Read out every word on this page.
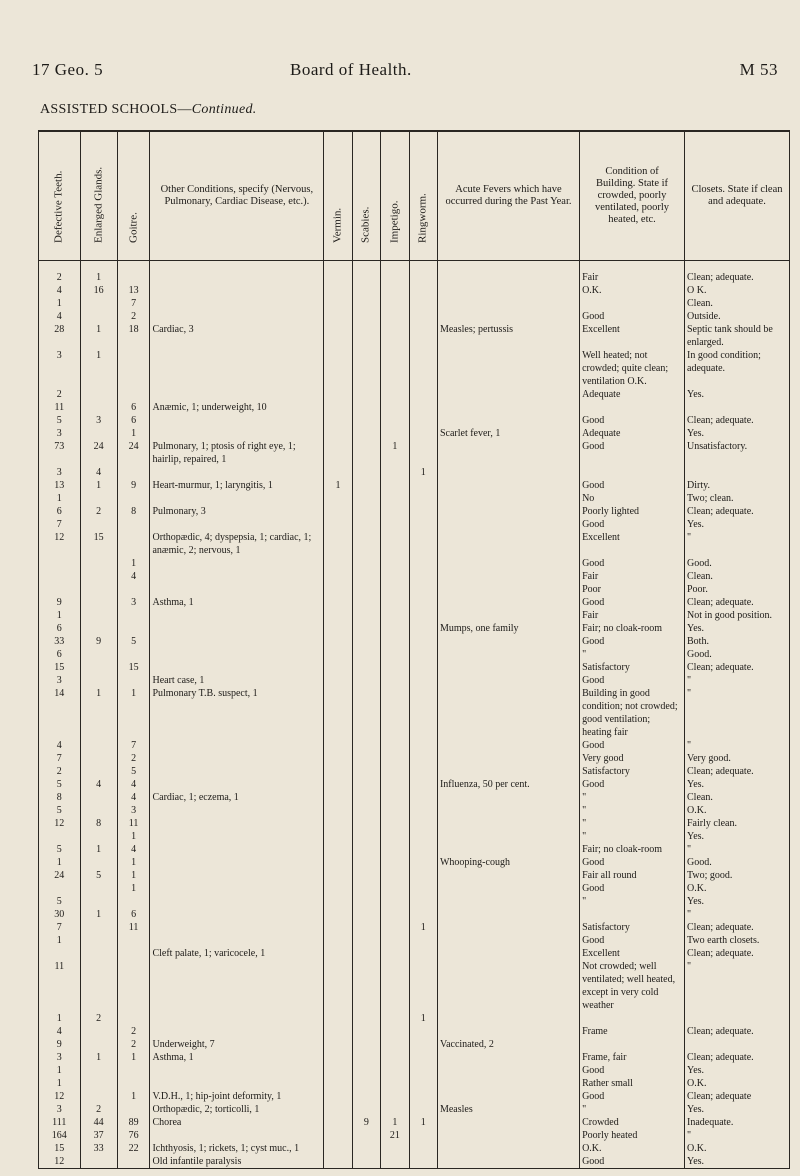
17 Geo. 5	Board of Health.	M 53
ASSISTED SCHOOLS—Continued.
Defective Teeth.	Enlarged Glands.	Goitre.	Other Conditions, specify (Nervous, Pulmonary, Cardiac Disease, etc.).	Vermin.	Scabies.	Impetigo.	Ringworm.	Acute Fevers which have occurred during the Past Year.	Condition of Building. State if crowded, poorly ventilated, poorly heated, etc.	Closets. State if clean and adequate.

2	1								Fair	Clean; adequate.
4	16	13							O.K.	O K.
1		7								Clean.
4		2							Good	Outside.
28	1	18	Cardiac, 3					Measles; pertussis	Excellent	Septic tank should be enlarged.
3	1								Well heated; not crowded; quite clean; ventilation O.K.	In good condition; adequate.
2									Adequate	Yes.
11		6	Anæmic, 1; underweight, 10							
5	3	6							Good	Clean; adequate.
3		1						Scarlet fever, 1	Adequate	Yes.
73	24	24	Pulmonary, 1; ptosis of right eye, 1; hairlip, repaired, 1			1			Good	Unsatisfactory.
3	4						1			
13	1	9	Heart-murmur, 1; laryngitis, 1	1					Good	Dirty.
1									No	Two; clean.
6	2	8	Pulmonary, 3						Poorly lighted	Clean; adequate.
7									Good	Yes.
12	15		Orthopædic, 4; dyspepsia, 1; cardiac, 1; anæmic, 2; nervous, 1						Excellent	"
		1							Good	Good.
		4							Fair	Clean.
									Poor	Poor.
9		3	Asthma, 1						Good	Clean; adequate.
1									Fair	Not in good position.
6								Mumps, one family	Fair; no cloak-room	Yes.
33	9	5							Good	Both.
6									"	Good.
15		15							Satisfactory	Clean; adequate.
3			Heart case, 1						Good	"
14	1	1	Pulmonary T.B. suspect, 1						Building in good condition; not crowded; good ventilation; heating fair	"
4		7							Good	"
7		2							Very good	Very good.
2		5							Satisfactory	Clean; adequate.
5	4	4						Influenza, 50 per cent.	Good	Yes.
8		4	Cardiac, 1; eczema, 1						"	Clean.
5		3							"	O.K.
12	8	11							"	Fairly clean.
		1							"	Yes.
5	1	4							Fair; no cloak-room	"
1		1						Whooping-cough	Good	Good.
24	5	1							Fair all round	Two; good.
		1							Good	O.K.
5									"	Yes.
30	1	6								"
7		11					1		Satisfactory	Clean; adequate.
1									Good	Two earth closets.
			Cleft palate, 1; varicocele, 1						Excellent	Clean; adequate.
11									Not crowded; well ventilated; well heated, except in very cold weather	"
1	2						1			
4		2							Frame	Clean; adequate.
9		2	Underweight, 7					Vaccinated, 2		
3	1	1	Asthma, 1						Frame, fair	Clean; adequate.
1									Good	Yes.
1									Rather small	O.K.
12		1	V.D.H., 1; hip-joint deformity, 1						Good	Clean; adequate
3	2		Orthopædic, 2; torticolli, 1					Measles	"	Yes.
111	44	89	Chorea		9	1	1		Crowded	Inadequate.
164	37	76				21			Poorly heated	"
15	33	22	Ichthyosis, 1; rickets, 1; cyst muc., 1						O.K.	O.K.
12			Old infantile paralysis						Good	Yes.
